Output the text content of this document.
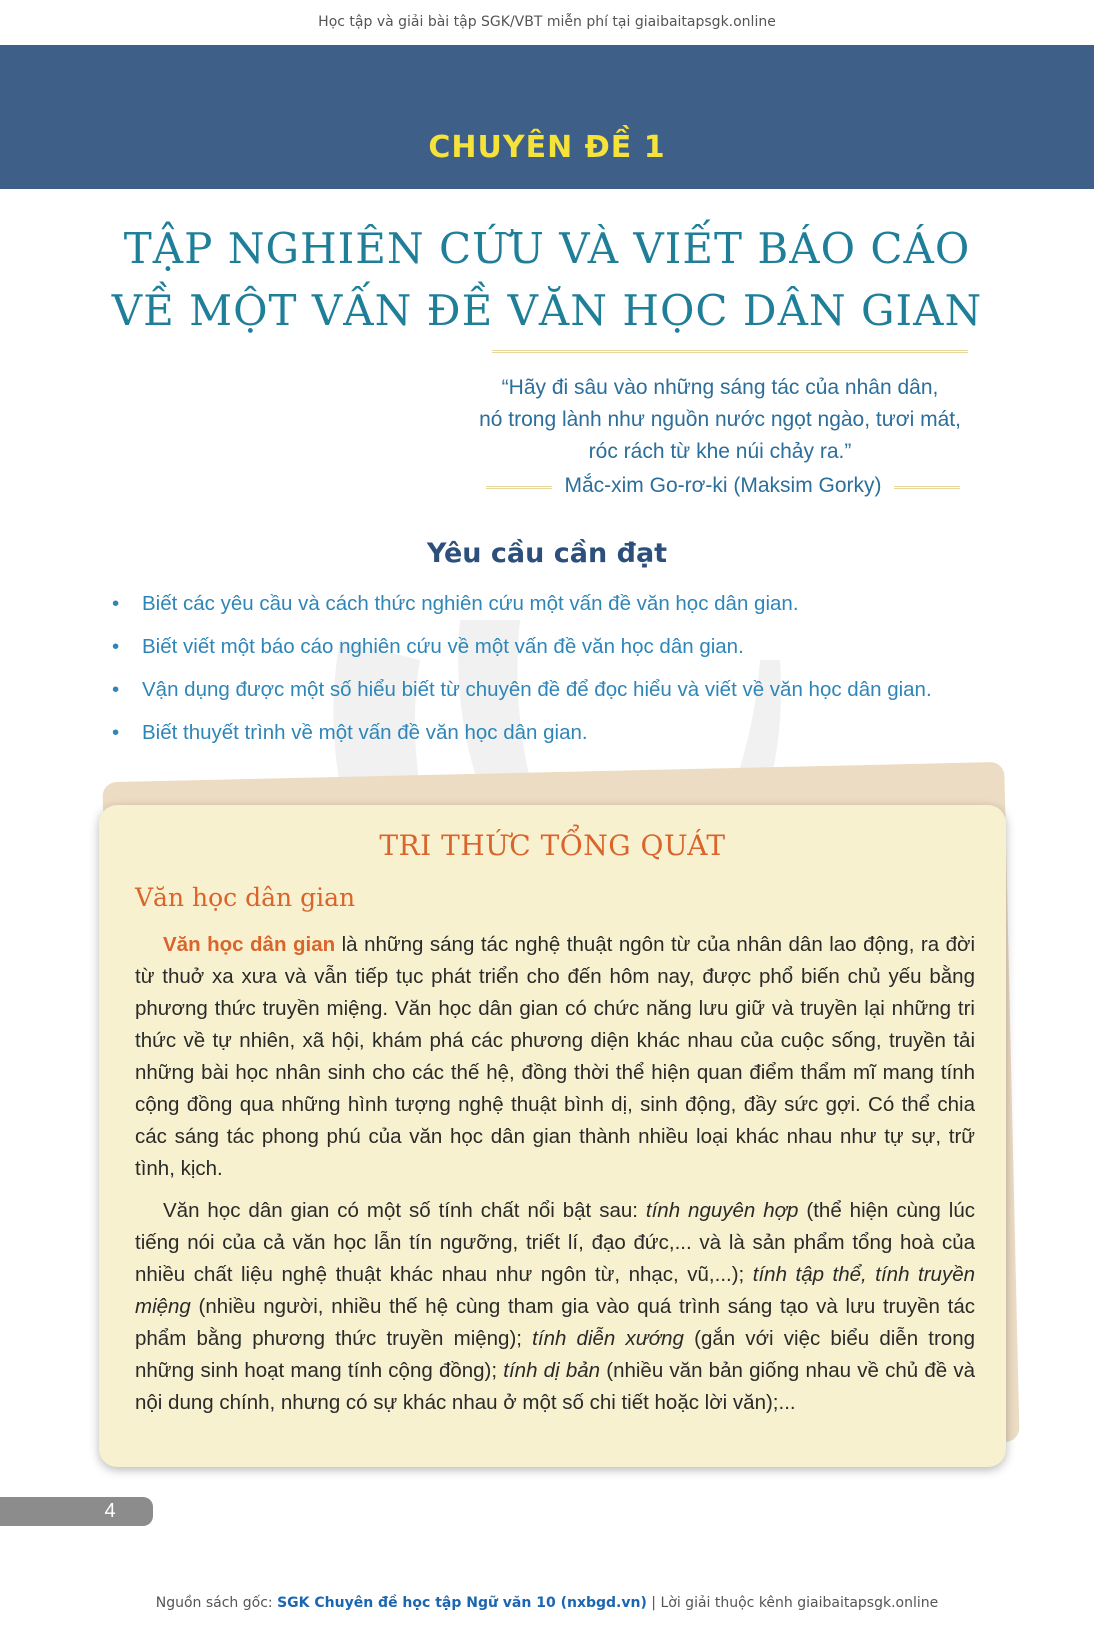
Học tập và giải bài tập SGK/VBT miễn phí tại giaibaitapsgk.online
CHUYÊN ĐỀ 1
TẬP NGHIÊN CỨU VÀ VIẾT BÁO CÁO
VỀ MỘT VẤN ĐỀ VĂN HỌC DÂN GIAN
“Hãy đi sâu vào những sáng tác của nhân dân,
nó trong lành như nguồn nước ngọt ngào, tươi mát,
róc rách từ khe núi chảy ra.”
Mắc-xim Go-rơ-ki (Maksim Gorky)
Yêu cầu cần đạt
• Biết các yêu cầu và cách thức nghiên cứu một vấn đề văn học dân gian.
• Biết viết một báo cáo nghiên cứu về một vấn đề văn học dân gian.
• Vận dụng được một số hiểu biết từ chuyên đề để đọc hiểu và viết về văn học dân gian.
• Biết thuyết trình về một vấn đề văn học dân gian.
TRI THỨC TỔNG QUÁT
Văn học dân gian

Văn học dân gian là những sáng tác nghệ thuật ngôn từ của nhân dân lao động, ra đời từ thuở xa xưa và vẫn tiếp tục phát triển cho đến hôm nay, được phổ biến chủ yếu bằng phương thức truyền miệng. Văn học dân gian có chức năng lưu giữ và truyền lại những tri thức về tự nhiên, xã hội, khám phá các phương diện khác nhau của cuộc sống, truyền tải những bài học nhân sinh cho các thế hệ, đồng thời thể hiện quan điểm thẩm mĩ mang tính cộng đồng qua những hình tượng nghệ thuật bình dị, sinh động, đầy sức gợi. Có thể chia các sáng tác phong phú của văn học dân gian thành nhiều loại khác nhau như tự sự, trữ tình, kịch.

Văn học dân gian có một số tính chất nổi bật sau: tính nguyên hợp (thể hiện cùng lúc tiếng nói của cả văn học lẫn tín ngưỡng, triết lí, đạo đức,... và là sản phẩm tổng hoà của nhiều chất liệu nghệ thuật khác nhau như ngôn từ, nhạc, vũ,...); tính tập thể, tính truyền miệng (nhiều người, nhiều thế hệ cùng tham gia vào quá trình sáng tạo và lưu truyền tác phẩm bằng phương thức truyền miệng); tính diễn xướng (gắn với việc biểu diễn trong những sinh hoạt mang tính cộng đồng); tính dị bản (nhiều văn bản giống nhau về chủ đề và nội dung chính, nhưng có sự khác nhau ở một số chi tiết hoặc lời văn);...

4
Nguồn sách gốc: SGK Chuyên đề học tập Ngữ văn 10 (nxbgd.vn) | Lời giải thuộc kênh giaibaitapsgk.online
